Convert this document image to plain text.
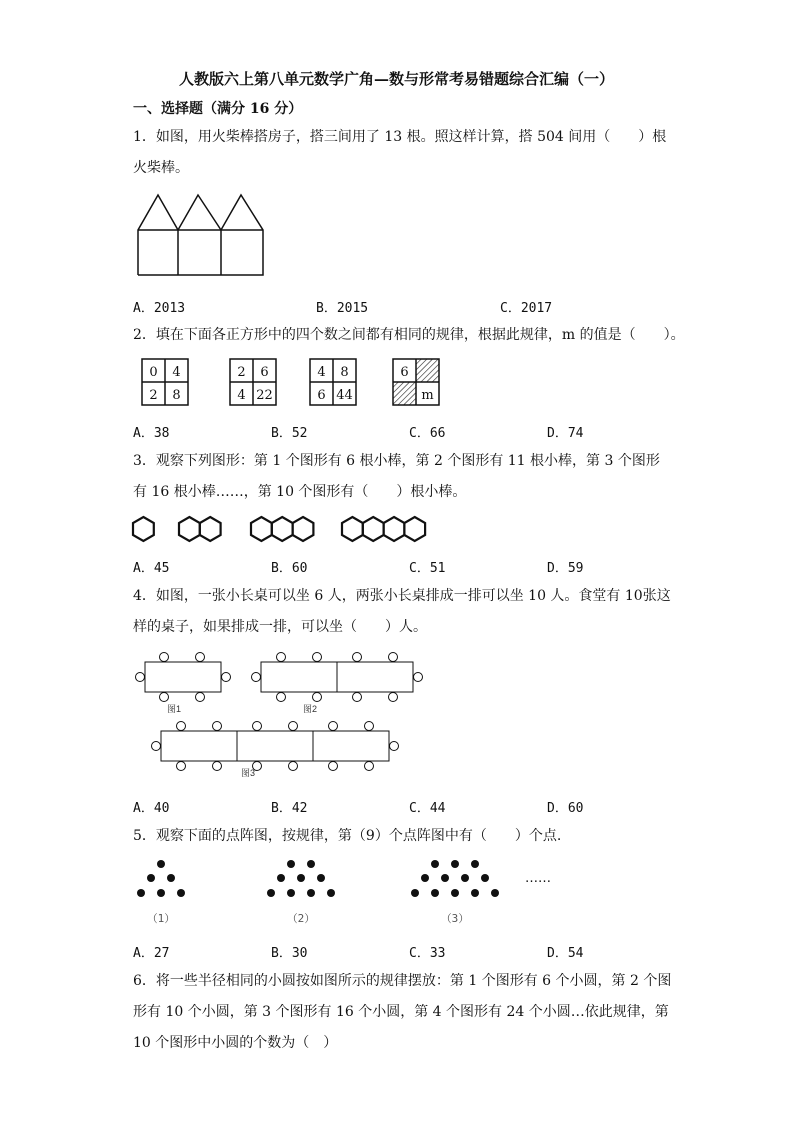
人教版六上第八单元数学广角—数与形常考易错题综合汇编（一）
一、选择题（满分 16 分）
1．如图，用火柴棒搭房子，搭三间用了 13 根。照这样计算，搭 504 间用（　　）根火柴棒。
A．2013	B．2015	C．2017
2．填在下面各正方形中的四个数之间都有相同的规律，根据此规律，m 的值是（　　）。
0 4
2 8
2 6
4 22
4 8
6 44
6
m
A．38	B．52	C．66	D．74
3．观察下列图形：第 1 个图形有 6 根小棒，第 2 个图形有 11 根小棒，第 3 个图形有 16 根小棒……，第 10 个图形有（　　）根小棒。
A．45	B．60	C．51	D．59
4．如图，一张小长桌可以坐 6 人，两张小长桌排成一排可以坐 10 人。食堂有 10张这样的桌子，如果排成一排，可以坐（　　）人。
图1	图2
图3
A．40	B．42	C．44	D．60
5．观察下面的点阵图，按规律，第（9）个点阵图中有（　　）个点.
……
（1）	（2）	（3）
A．27	B．30	C．33	D．54
6．将一些半径相同的小圆按如图所示的规律摆放：第 1 个图形有 6 个小圆，第 2 个图形有 10 个小圆，第 3 个图形有 16 个小圆，第 4 个图形有 24 个小圆…依此规律，第 10 个图形中小圆的个数为（　）
